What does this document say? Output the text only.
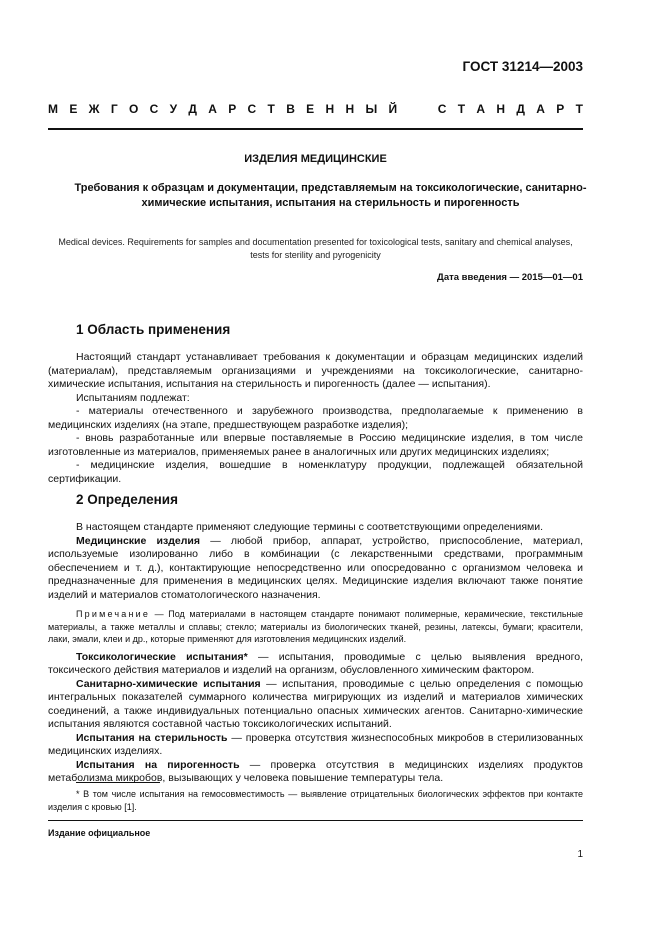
ГОСТ 31214—2003
М Е Ж Г О С У Д А Р С Т В Е Н Н Ы Й

	С Т А Н Д А Р Т
ИЗДЕЛИЯ МЕДИЦИНСКИЕ
Требования к образцам и документации, представляемым на токсикологические, санитарно-химические испытания, испытания на стерильность и пирогенность
Medical devices. Requirements for samples and documentation presented for toxicological tests, sanitary and chemical analyses, tests for sterility and pyrogenicity
Дата введения — 2015—01—01
1 Область применения

Настоящий стандарт устанавливает требования к документации и образцам медицинских изделий (материалам), представляемым организациями и учреждениями на токсикологические, санитарно-химические испытания, испытания на стерильность и пирогенность (далее — испытания).

Испытаниям подлежат:

- материалы отечественного и зарубежного производства, предполагаемые к применению в медицинских изделиях (на этапе, предшествующем разработке изделия);

- вновь разработанные или впервые поставляемые в Россию медицинские изделия, в том числе изготовленные из материалов, применяемых ранее в аналогичных или других медицинских изделиях;

- медицинские изделия, вошедшие в номенклатуру продукции, подлежащей обязательной сертификации.

2 Определения

В настоящем стандарте применяют следующие термины с соответствующими определениями.

Медицинские изделия — любой прибор, аппарат, устройство, приспособление, материал, используемые изолированно либо в комбинации (с лекарственными средствами, программным обеспечением и т. д.), контактирующие непосредственно или опосредованно с организмом человека и предназначенные для применения в медицинских целях. Медицинские изделия включают также понятие изделий и материалов стоматологического назначения.

Примечание — Под материалами в настоящем стандарте понимают полимерные, керамические, текстильные материалы, а также металлы и сплавы; стекло; материалы из биологических тканей, резины, латексы, бумаги; красители, лаки, эмали, клеи и др., которые применяют для изготовления медицинских изделий.

Токсикологические испытания* — испытания, проводимые с целью выявления вредного, токсического действия материалов и изделий на организм, обусловленного химическим фактором.

Санитарно-химические испытания — испытания, проводимые с целью определения с помощью интегральных показателей суммарного количества мигрирующих из изделий и материалов химических соединений, а также индивидуальных потенциально опасных химических агентов. Санитарно-химические испытания являются составной частью токсикологических испытаний.

Испытания на стерильность — проверка отсутствия жизнеспособных микробов в стерилизованных медицинских изделиях.

Испытания на пирогенность — проверка отсутствия в медицинских изделиях продуктов метаболизма микробов, вызывающих у человека повышение температуры тела.

* В том числе испытания на гемосовместимость — выявление отрицательных биологических эффектов при контакте изделия с кровью [1].

Издание официальное
1
